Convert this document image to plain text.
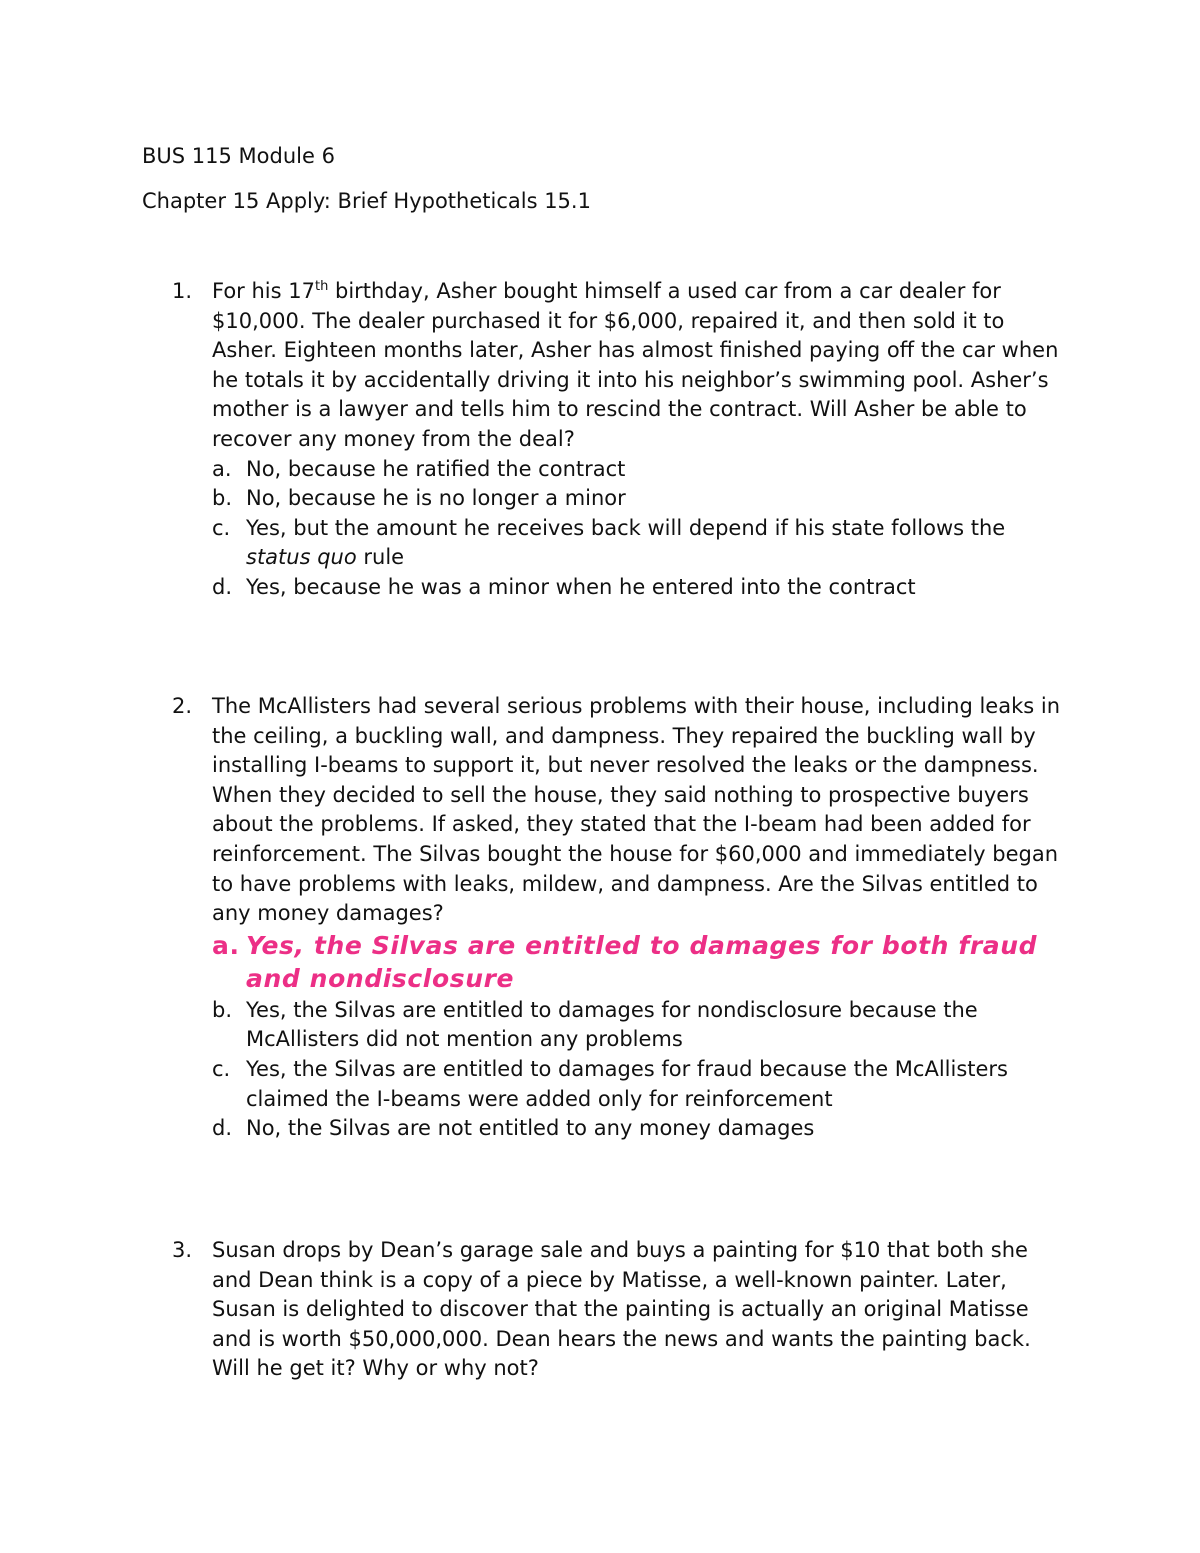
BUS 115 Module 6
Chapter 15 Apply: Brief Hypotheticals 15.1
1. For his 17th birthday, Asher bought himself a used car from a car dealer for $10,000. The dealer purchased it for $6,000, repaired it, and then sold it to Asher. Eighteen months later, Asher has almost finished paying off the car when he totals it by accidentally driving it into his neighbor’s swimming pool. Asher’s mother is a lawyer and tells him to rescind the contract. Will Asher be able to recover any money from the deal?
a. No, because he ratified the contract
b. No, because he is no longer a minor
c. Yes, but the amount he receives back will depend if his state follows the status quo rule
d. Yes, because he was a minor when he entered into the contract
2. The McAllisters had several serious problems with their house, including leaks in the ceiling, a buckling wall, and dampness. They repaired the buckling wall by installing I-beams to support it, but never resolved the leaks or the dampness. When they decided to sell the house, they said nothing to prospective buyers about the problems. If asked, they stated that the I-beam had been added for reinforcement. The Silvas bought the house for $60,000 and immediately began to have problems with leaks, mildew, and dampness. Are the Silvas entitled to any money damages?
a. Yes, the Silvas are entitled to damages for both fraud and nondisclosure
b. Yes, the Silvas are entitled to damages for nondisclosure because the McAllisters did not mention any problems
c. Yes, the Silvas are entitled to damages for fraud because the McAllisters claimed the I-beams were added only for reinforcement
d. No, the Silvas are not entitled to any money damages
3. Susan drops by Dean’s garage sale and buys a painting for $10 that both she and Dean think is a copy of a piece by Matisse, a well-known painter. Later, Susan is delighted to discover that the painting is actually an original Matisse and is worth $50,000,000. Dean hears the news and wants the painting back. Will he get it? Why or why not?
